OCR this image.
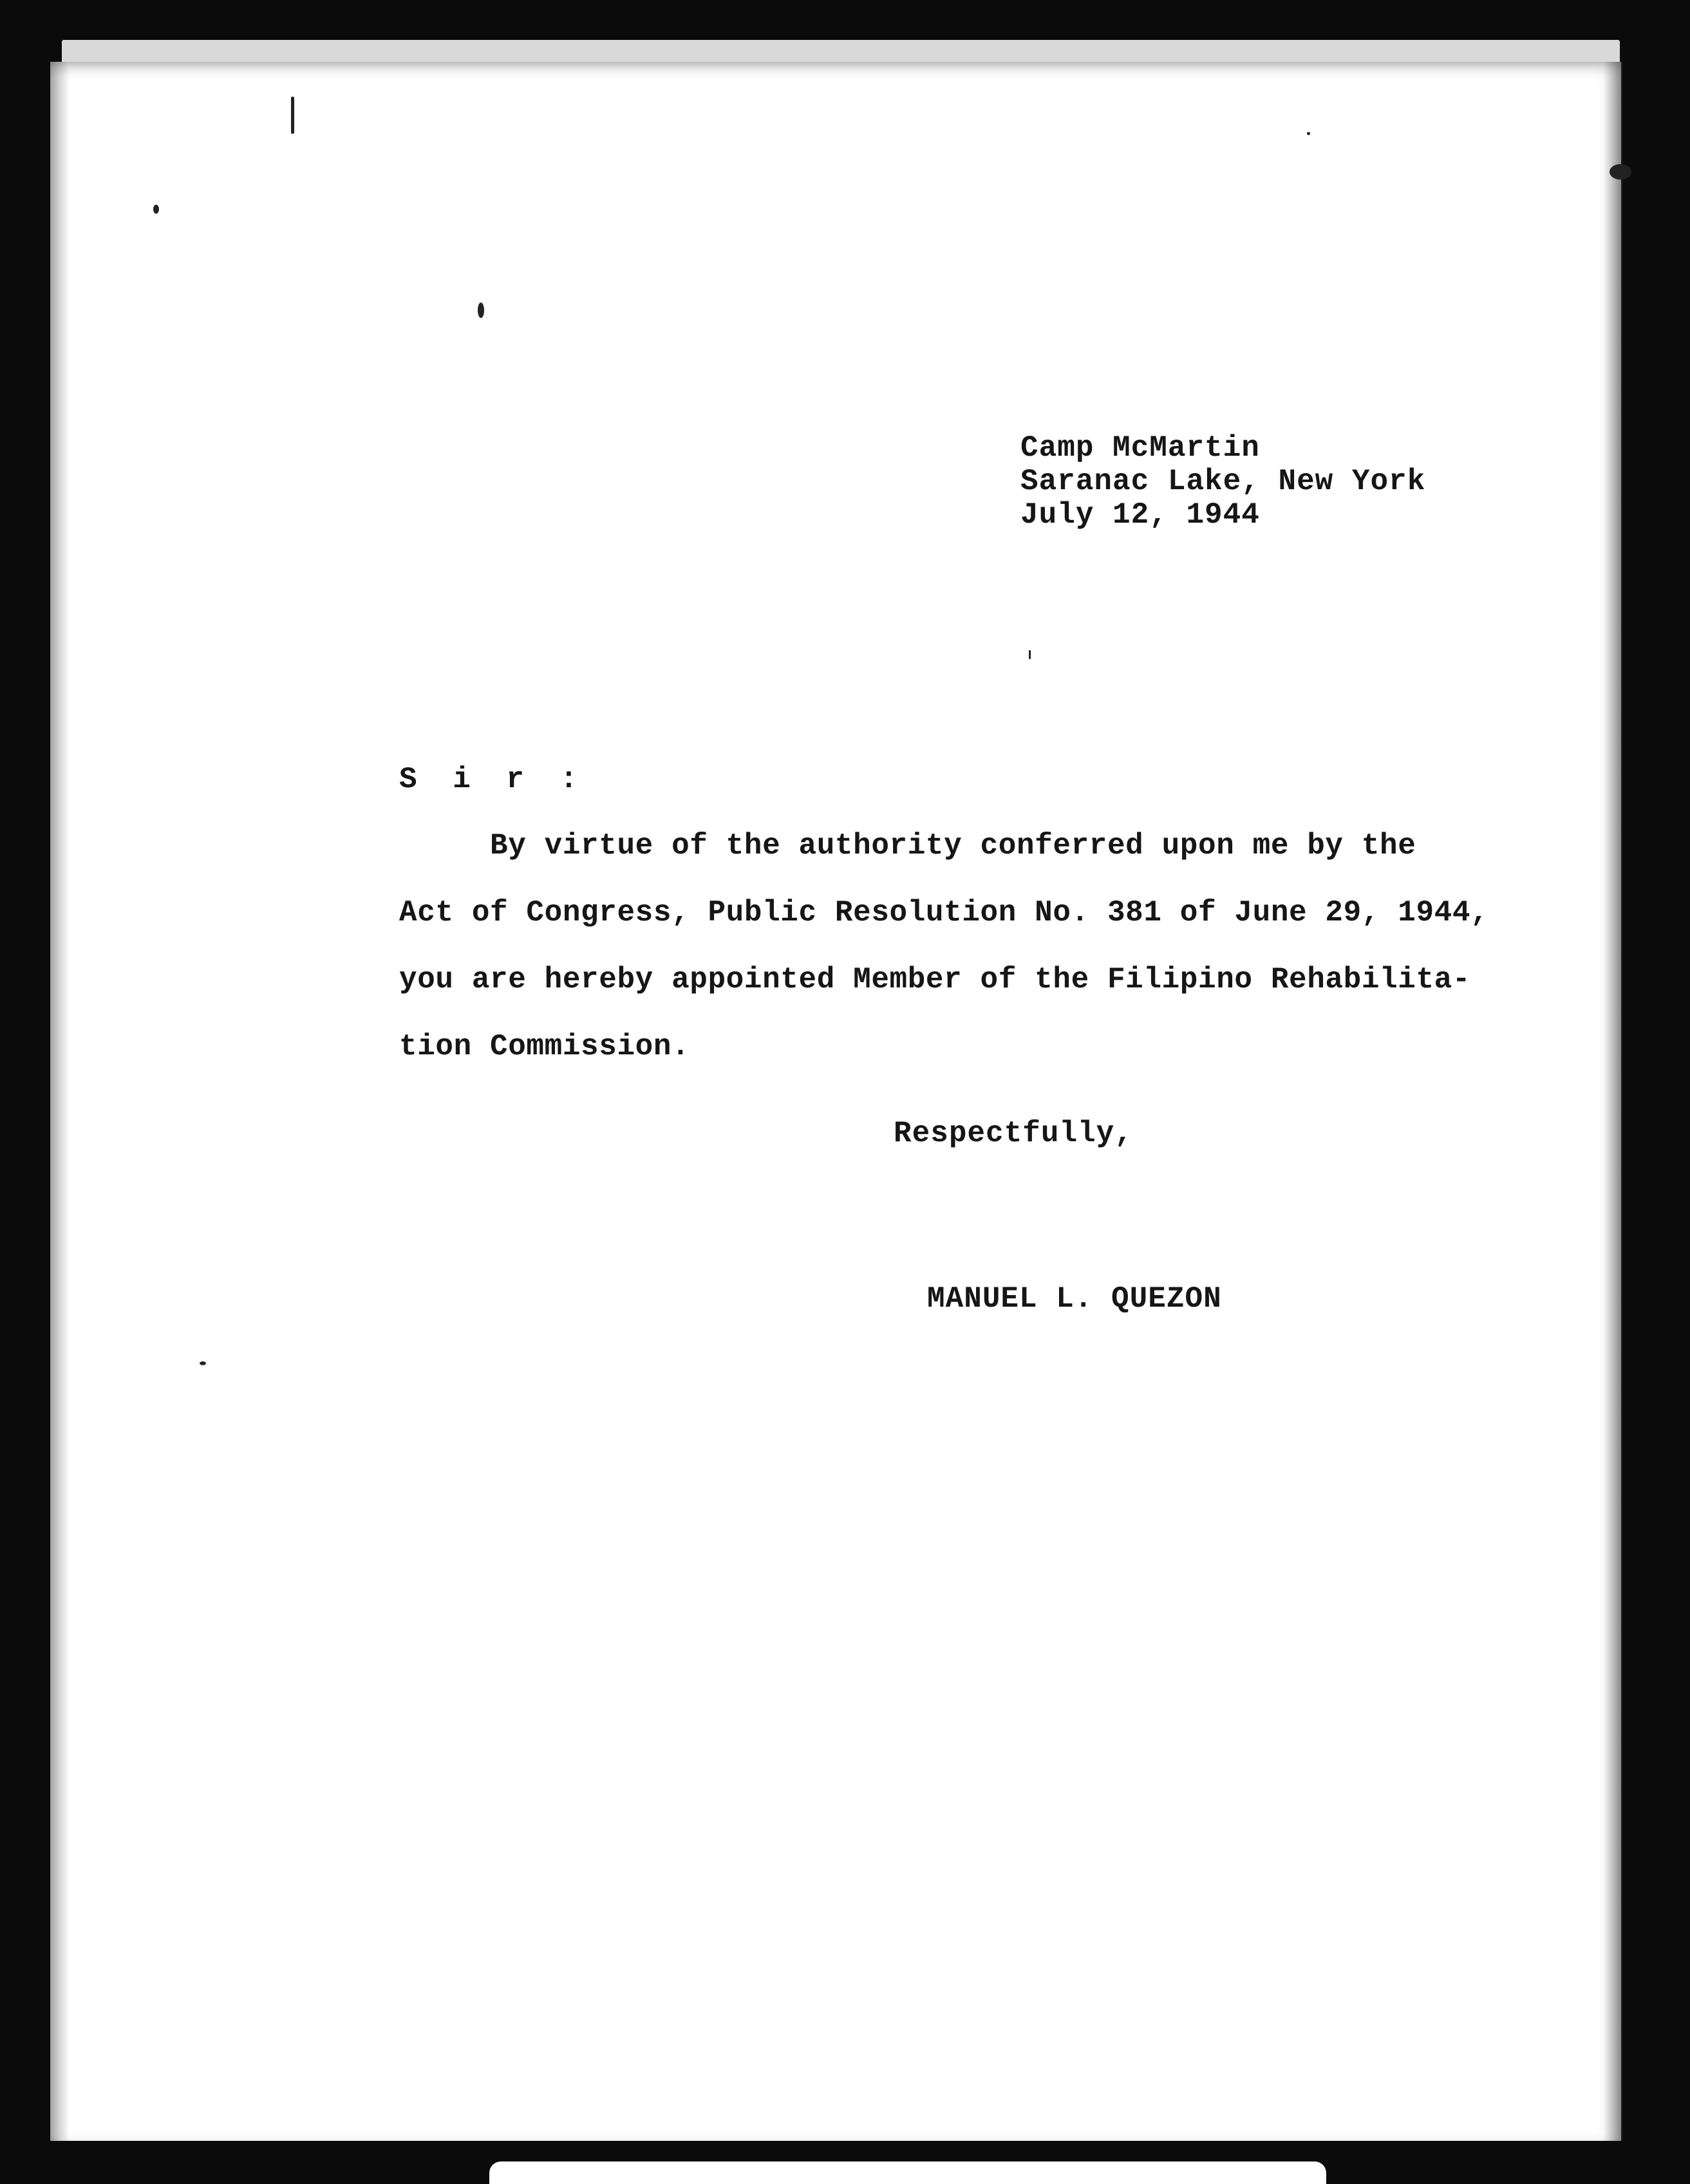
Camp McMartin

Saranac Lake, New York

July 12, 1944

S i r :

By virtue of the authority conferred upon me by the

Act of Congress, Public Resolution No. 381 of June 29, 1944,

you are hereby appointed Member of the Filipino Rehabilita-

tion Commission.

Respectfully,

MANUEL L. QUEZON
